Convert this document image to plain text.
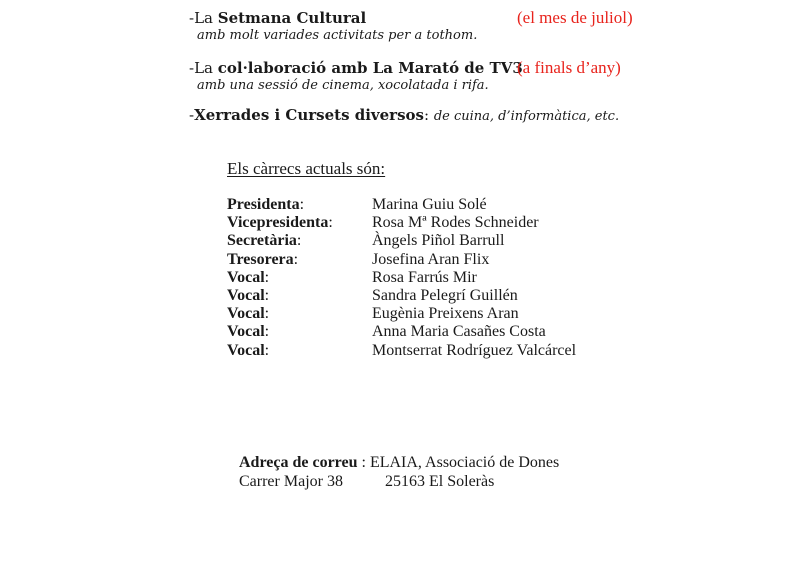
-La Setmana Cultural
amb molt variades activitats per a tothom.
(el mes de juliol)
-La col·laboració amb La Marató de TV3
amb una sessió de cinema, xocolatada i rifa.
(a finals d’any)
-Xerrades i Cursets diversos: de cuina, d’informàtica, etc.
Els càrrecs actuals són:
Presidenta:	Marina Guiu Solé
Vicepresidenta: Rosa Mª Rodes Schneider
Secretària:	Àngels Piñol Barrull
Tresorera:	Josefina Aran Flix
Vocal:	Rosa Farrús Mir
Vocal:	Sandra Pelegrí Guillén
Vocal:	Eugènia Preixens Aran
Vocal:	Anna Maria Casañes Costa
Vocal:	Montserrat Rodríguez Valcárcel
Adreça de correu : ELAIA, Associació de Dones
Carrer Major 38	25163 El Soleràs
